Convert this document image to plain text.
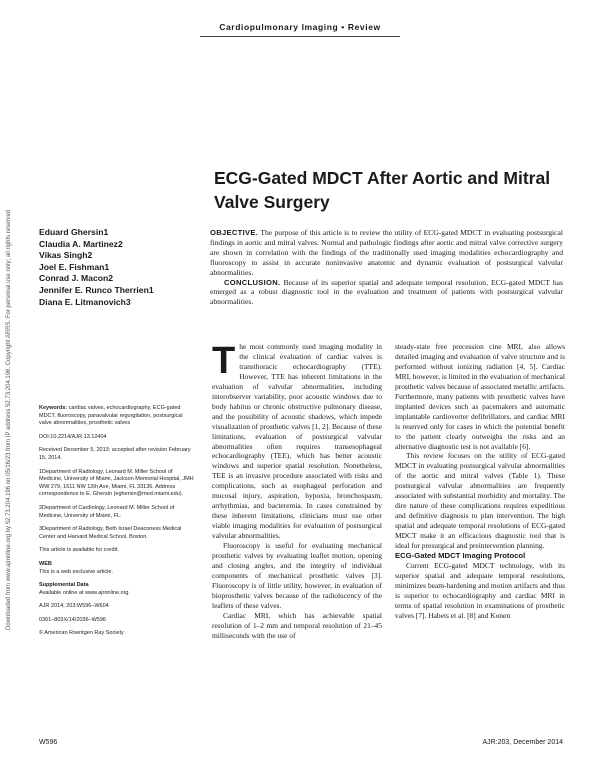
Cardiopulmonary Imaging • Review
Downloaded from www.ajronline.org by 52.73.204.196 on 05/16/23 from IP address 52.73.204.196. Copyright ARRS. For personal use only; all rights reserved
ECG-Gated MDCT After Aortic and Mitral Valve Surgery
Eduard Ghersin1
Claudia A. Martinez2
Vikas Singh2
Joel E. Fishman1
Conrad J. Macon2
Jennifer E. Runco Therrien1
Diana E. Litmanovich3

OBJECTIVE. The purpose of this article is to review the utility of ECG-gated MDCT in evaluating postsurgical findings in aortic and mitral valves. Normal and pathologic findings after aortic and mitral valve corrective surgery are shown in correlation with the findings of the traditionally used imaging modalities echocardiography and fluoroscopy to assist in accurate noninvasive anatomic and dynamic evaluation of postsurgical valvular abnormalities.

CONCLUSION. Because of its superior spatial and adequate temporal resolution, ECG-gated MDCT has emerged as a robust diagnostic tool in the evaluation and treatment of patients with postsurgical valvular abnormalities.

Keywords: cardiac valves, echocardiography, ECG-gated MDCT, fluoroscopy, paravalvular regurgitation, postsurgical valve abnormalities, prosthetic valves

DOI:10.2214/AJR.13.12404

Received December 5, 2013; accepted after revision February 15, 2014.

1Department of Radiology, Leonard M. Miller School of Medicine, University of Miami, Jackson Memorial Hospital, JMH WW 279, 1611 NW 12th Ave, Miami, FL 33136. Address correspondence to E. Ghersin (eghersin@med.miami.edu).

2Department of Cardiology, Leonard M. Miller School of Medicine, University of Miami, FL.

3Department of Radiology, Beth Israel Deaconess Medical Center and Harvard Medical School, Boston.

This article is available for credit.

WEB

This is a web exclusive article.

Supplemental Data

Available online at www.ajronline.org.

AJR 2014; 203:W596–W604

0361–803X/14/2036–W596

© American Roentgen Ray Society

The most commonly used imaging modality in the clinical evaluation of cardiac valves is transthoracic echocardiography (TTE). However, TTE has inherent limitations in the evaluation of valvular abnormalities, including interobserver variability, poor acoustic windows due to body habitus or chronic obstructive pulmonary disease, and the possibility of acoustic shadows, which impede visualization of prosthetic valves [1, 2]. Because of these limitations, evaluation of postsurgical valvular abnormalities often requires transesophageal echocardiography (TEE), which has better acoustic windows and superior spatial resolution. Nonetheless, TEE is an invasive procedure associated with risks and complications, such as esophageal perforation and mucosal injury, aspiration, hypoxia, bronchospasm, arrhythmias, and bacteremia. In cases constrained by these inherent limitations, clinicians must use other viable imaging modalities for evaluation of postsurgical valvular abnormalities.

Fluoroscopy is useful for evaluating mechanical prosthetic valves by evaluating leaflet motion, opening and closing angles, and the integrity of individual components of mechanical prosthetic valves [3]. Fluoroscopy is of little utility, however, in evaluation of bioprosthetic valves because of the radiolucency of the leaflets of these valves.

Cardiac MRI, which has achievable spatial resolution of 1–2 mm and temporal resolution of 21–45 milliseconds with the use of

steady-state free precession cine MRI, also allows detailed imaging and evaluation of valve structure and is performed without ionizing radiation [4, 5]. Cardiac MRI, however, is limited in the evaluation of mechanical prosthetic valves because of associated metallic artifacts. Furthermore, many patients with prosthetic valves have implanted devices such as pacemakers and automatic implantable cardioverter defibrillators, and cardiac MRI is reserved only for cases in which the potential benefit to the patient clearly outweighs the risks and an alternative diagnostic test is not available [6].

This review focuses on the utility of ECG-gated MDCT in evaluating postsurgical valvular abnormalities of the aortic and mitral valves (Table 1). These postsurgical valvular abnormalities are frequently associated with substantial morbidity and mortality. The dire nature of these complications requires expeditious and definitive diagnosis to plan intervention. The high spatial and adequate temporal resolutions of ECG-gated MDCT make it an efficacious diagnostic tool that is ideal for presurgical and preintervention planning.

ECG-Gated MDCT Imaging Protocol

Current ECG-gated MDCT technology, with its superior spatial and adequate temporal resolutions, minimizes beam-hardening and motion artifacts and thus is superior to echocardiography and cardiac MRI in terms of spatial resolution in examinations of prosthetic valves [7]. Habets et al. [8] and Konen

W596	AJR:203, December 2014
